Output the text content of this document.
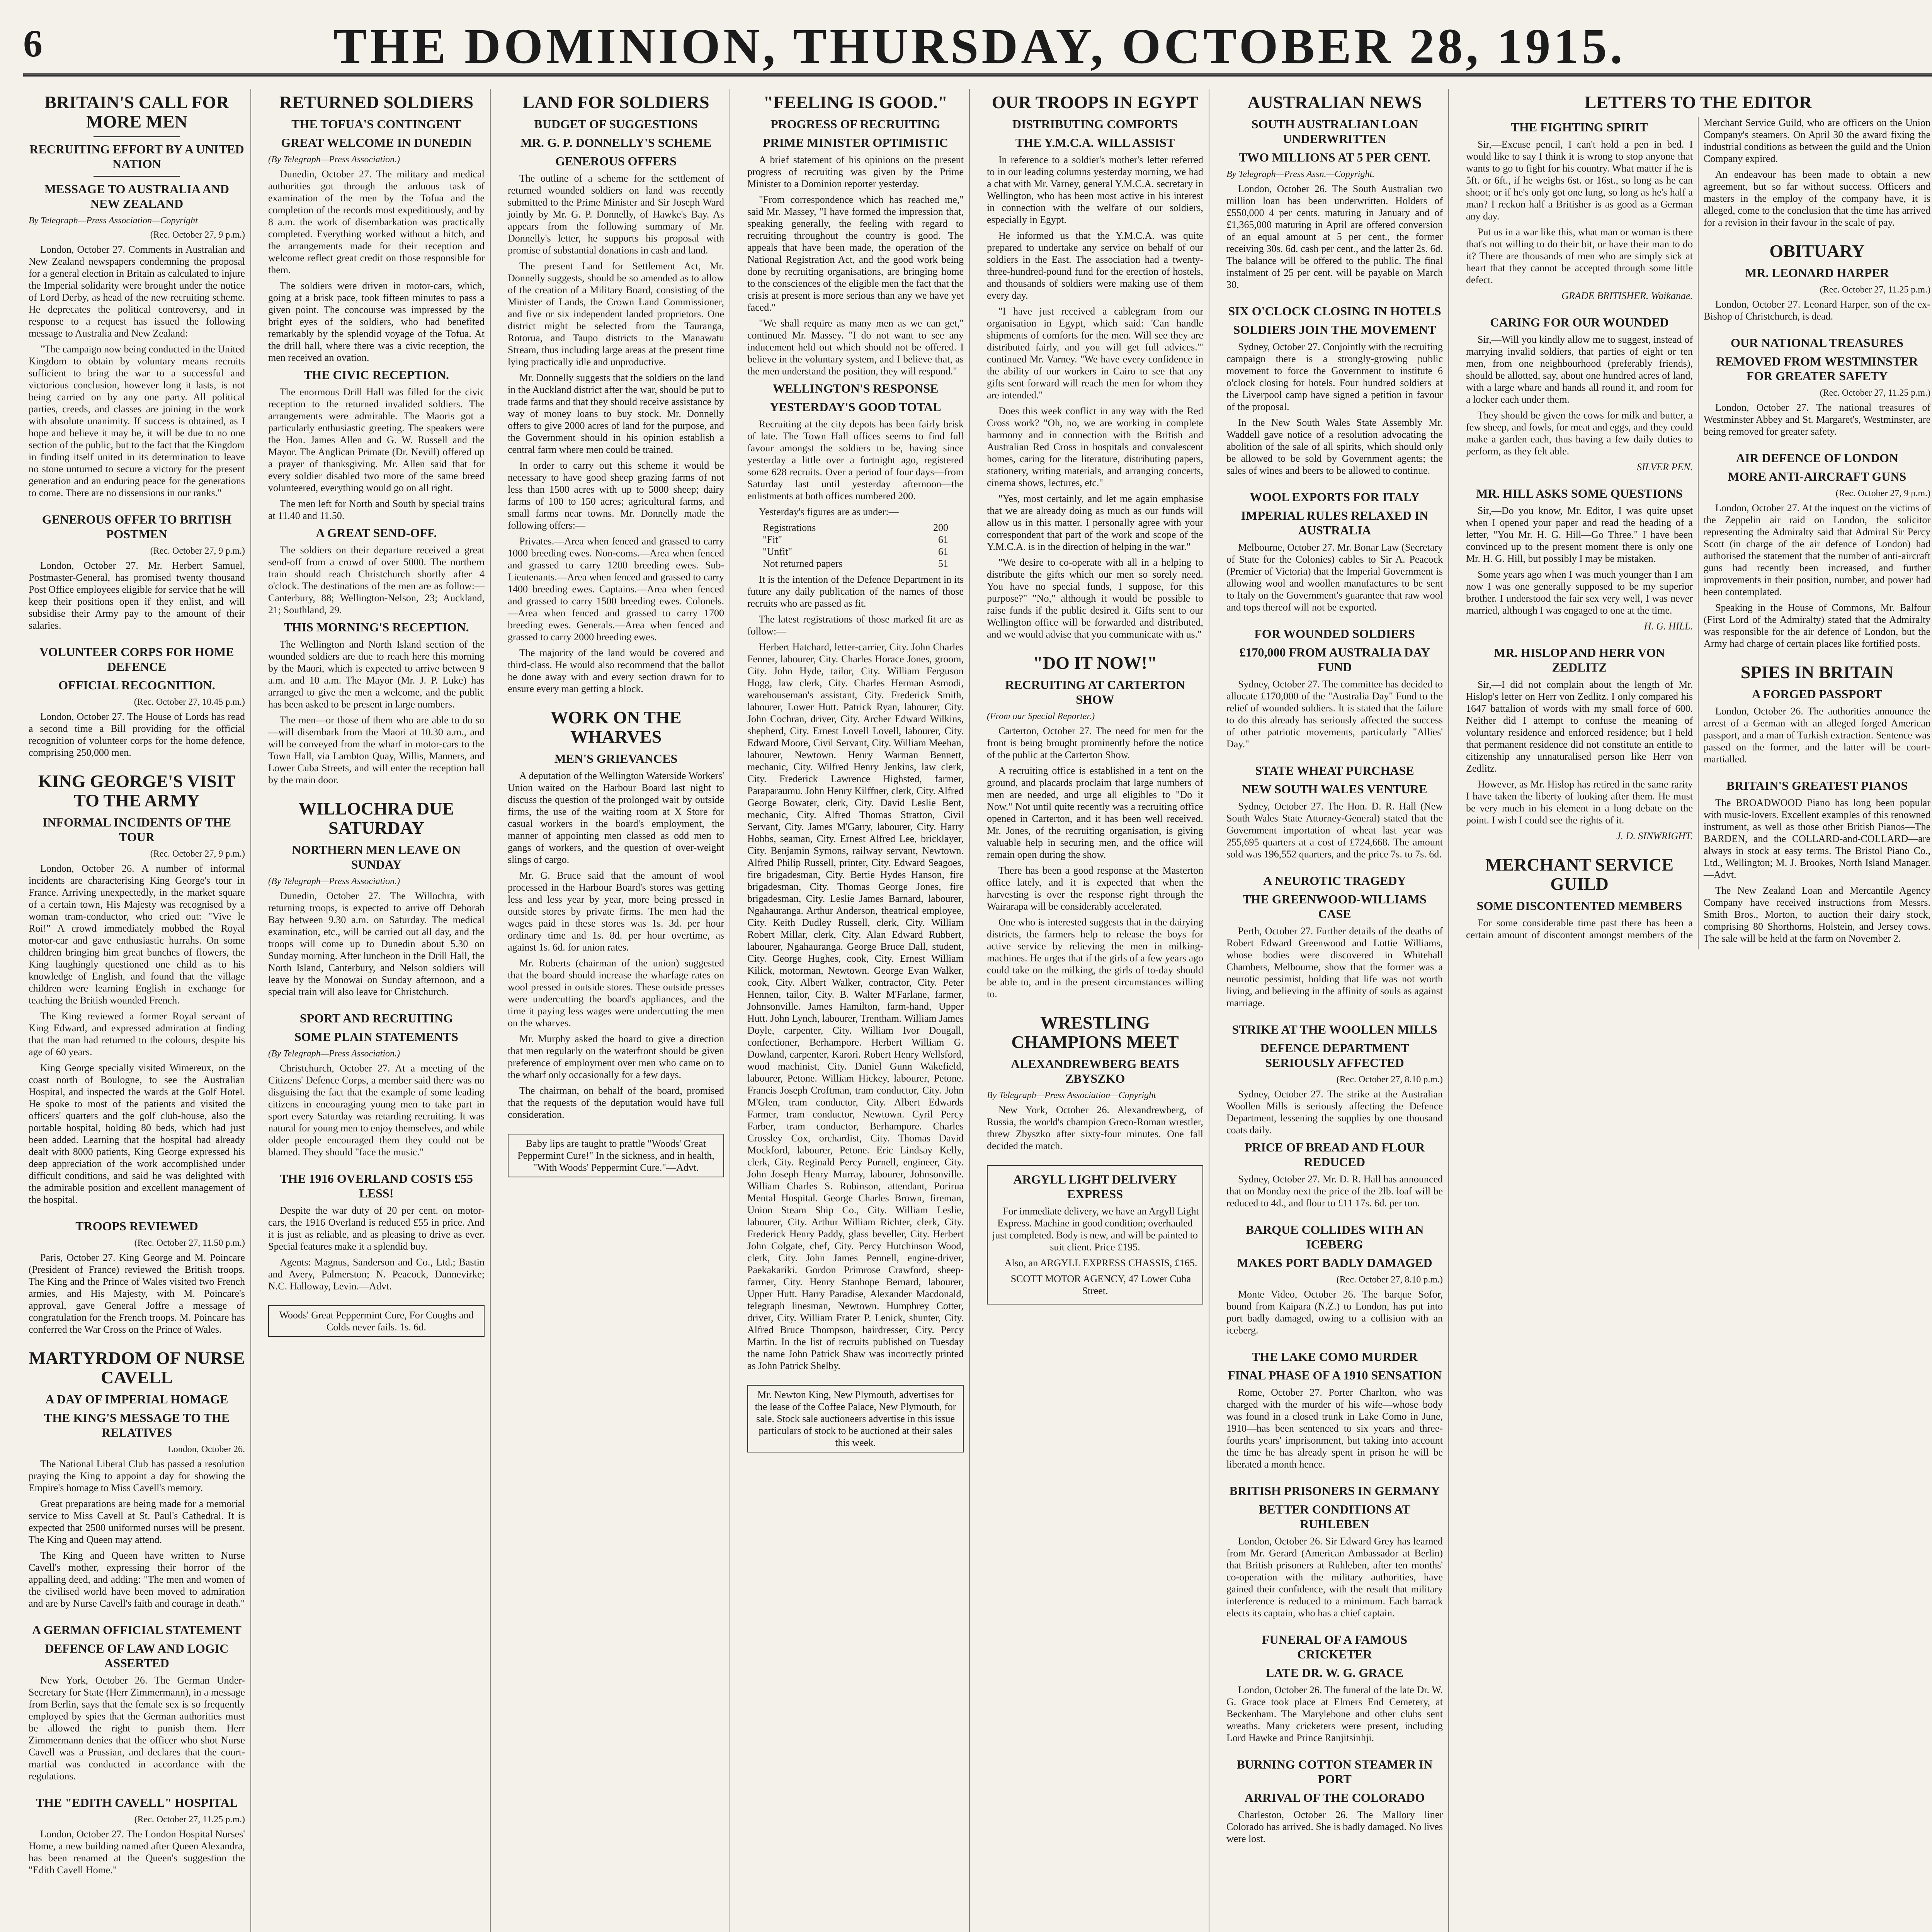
6	THE DOMINION, THURSDAY, OCTOBER 28, 1915.
BRITAIN'S CALL FOR MORE MEN
RECRUITING EFFORT BY A UNITED NATION
MESSAGE TO AUSTRALIA AND NEW ZEALAND
By Telegraph—Press Association—Copyright
(Rec. October 27, 9 p.m.)

London, October 27. Comments in Australian and New Zealand newspapers condemning the proposal for a general election in Britain as calculated to injure the Imperial solidarity were brought under the notice of Lord Derby, as head of the new recruiting scheme. He deprecates the political controversy, and in response to a request has issued the following message to Australia and New Zealand:

"The campaign now being conducted in the United Kingdom to obtain by voluntary means recruits sufficient to bring the war to a successful and victorious conclusion, however long it lasts, is not being carried on by any one party. All political parties, creeds, and classes are joining in the work with absolute unanimity. If success is obtained, as I hope and believe it may be, it will be due to no one section of the public, but to the fact that the Kingdom in finding itself united in its determination to leave no stone unturned to secure a victory for the present generation and an enduring peace for the generations to come. There are no dissensions in our ranks."

GENEROUS OFFER TO BRITISH POSTMEN
(Rec. October 27, 9 p.m.)

London, October 27. Mr. Herbert Samuel, Postmaster-General, has promised twenty thousand Post Office employees eligible for service that he will keep their positions open if they enlist, and will subsidise their Army pay to the amount of their salaries.

VOLUNTEER CORPS FOR HOME DEFENCE
OFFICIAL RECOGNITION.
(Rec. October 27, 10.45 p.m.)

London, October 27. The House of Lords has read a second time a Bill providing for the official recognition of volunteer corps for the home defence, comprising 250,000 men.

KING GEORGE'S VISIT TO THE ARMY
INFORMAL INCIDENTS OF THE TOUR
(Rec. October 27, 9 p.m.)

London, October 26. A number of informal incidents are characterising King George's tour in France. Arriving unexpectedly, in the market square of a certain town, His Majesty was recognised by a woman tram-conductor, who cried out: "Vive le Roi!" A crowd immediately mobbed the Royal motor-car and gave enthusiastic hurrahs. On some children bringing him great bunches of flowers, the King laughingly questioned one child as to his knowledge of English, and found that the village children were learning English in exchange for teaching the British wounded French.

The King reviewed a former Royal servant of King Edward, and expressed admiration at finding that the man had returned to the colours, despite his age of 60 years.

King George specially visited Wimereux, on the coast north of Boulogne, to see the Australian Hospital, and inspected the wards at the Golf Hotel. He spoke to most of the patients and visited the officers' quarters and the golf club-house, also the portable hospital, holding 80 beds, which had just been added. Learning that the hospital had already dealt with 8000 patients, King George expressed his deep appreciation of the work accomplished under difficult conditions, and said he was delighted with the admirable position and excellent management of the hospital.

TROOPS REVIEWED
(Rec. October 27, 11.50 p.m.)

Paris, October 27. King George and M. Poincare (President of France) reviewed the British troops. The King and the Prince of Wales visited two French armies, and His Majesty, with M. Poincare's approval, gave General Joffre a message of congratulation for the French troops. M. Poincare has conferred the War Cross on the Prince of Wales.

MARTYRDOM OF NURSE CAVELL
A DAY OF IMPERIAL HOMAGE
THE KING'S MESSAGE TO THE RELATIVES
London, October 26.

The National Liberal Club has passed a resolution praying the King to appoint a day for showing the Empire's homage to Miss Cavell's memory.

Great preparations are being made for a memorial service to Miss Cavell at St. Paul's Cathedral. It is expected that 2500 uniformed nurses will be present. The King and Queen may attend.

The King and Queen have written to Nurse Cavell's mother, expressing their horror of the appalling deed, and adding: "The men and women of the civilised world have been moved to admiration and are by Nurse Cavell's faith and courage in death."

A GERMAN OFFICIAL STATEMENT
DEFENCE OF LAW AND LOGIC ASSERTED

New York, October 26. The German Under-Secretary for State (Herr Zimmermann), in a message from Berlin, says that the female sex is so frequently employed by spies that the German authorities must be allowed the right to punish them. Herr Zimmermann denies that the officer who shot Nurse Cavell was a Prussian, and declares that the court-martial was conducted in accordance with the regulations.

THE "EDITH CAVELL" HOSPITAL
(Rec. October 27, 11.25 p.m.)

London, October 27. The London Hospital Nurses' Home, a new building named after Queen Alexandra, has been renamed at the Queen's suggestion the "Edith Cavell Home."

RETURNED SOLDIERS
THE TOFUA'S CONTINGENT
GREAT WELCOME IN DUNEDIN
(By Telegraph—Press Association.)

Dunedin, October 27. The military and medical authorities got through the arduous task of examination of the men by the Tofua and the completion of the records most expeditiously, and by 8 a.m. the work of disembarkation was practically completed. Everything worked without a hitch, and the arrangements made for their reception and welcome reflect great credit on those responsible for them.

The soldiers were driven in motor-cars, which, going at a brisk pace, took fifteen minutes to pass a given point. The concourse was impressed by the bright eyes of the soldiers, who had benefited remarkably by the splendid voyage of the Tofua. At the drill hall, where there was a civic reception, the men received an ovation.

THE CIVIC RECEPTION.

The enormous Drill Hall was filled for the civic reception to the returned invalided soldiers. The arrangements were admirable. The Maoris got a particularly enthusiastic greeting. The speakers were the Hon. James Allen and G. W. Russell and the Mayor. The Anglican Primate (Dr. Nevill) offered up a prayer of thanksgiving. Mr. Allen said that for every soldier disabled two more of the same breed volunteered, everything would go on all right.

The men left for North and South by special trains at 11.40 and 11.50.

A GREAT SEND-OFF.

The soldiers on their departure received a great send-off from a crowd of over 5000. The northern train should reach Christchurch shortly after 4 o'clock. The destinations of the men are as follow:—Canterbury, 88; Wellington-Nelson, 23; Auckland, 21; Southland, 29.

THIS MORNING'S RECEPTION.

The Wellington and North Island section of the wounded soldiers are due to reach here this morning by the Maori, which is expected to arrive between 9 a.m. and 10 a.m. The Mayor (Mr. J. P. Luke) has arranged to give the men a welcome, and the public has been asked to be present in large numbers.

The men—or those of them who are able to do so—will disembark from the Maori at 10.30 a.m., and will be conveyed from the wharf in motor-cars to the Town Hall, via Lambton Quay, Willis, Manners, and Lower Cuba Streets, and will enter the reception hall by the main door.

WILLOCHRA DUE SATURDAY
NORTHERN MEN LEAVE ON SUNDAY
(By Telegraph—Press Association.)

Dunedin, October 27. The Willochra, with returning troops, is expected to arrive off Deborah Bay between 9.30 a.m. on Saturday. The medical examination, etc., will be carried out all day, and the troops will come up to Dunedin about 5.30 on Sunday morning. After luncheon in the Drill Hall, the North Island, Canterbury, and Nelson soldiers will leave by the Monowai on Sunday afternoon, and a special train will also leave for Christchurch.

SPORT AND RECRUITING
SOME PLAIN STATEMENTS
(By Telegraph—Press Association.)

Christchurch, October 27. At a meeting of the Citizens' Defence Corps, a member said there was no disguising the fact that the example of some leading citizens in encouraging young men to take part in sport every Saturday was retarding recruiting. It was natural for young men to enjoy themselves, and while older people encouraged them they could not be blamed. They should "face the music."

THE 1916 OVERLAND COSTS £55 LESS!

Despite the war duty of 20 per cent. on motor-cars, the 1916 Overland is reduced £55 in price. And it is just as reliable, and as pleasing to drive as ever. Special features make it a splendid buy.

Agents: Magnus, Sanderson and Co., Ltd.; Bastin and Avery, Palmerston; N. Peacock, Dannevirke; N.C. Halloway, Levin.—Advt.

Woods' Great Peppermint Cure, For Coughs and Colds never fails. 1s. 6d.
LAND FOR SOLDIERS
BUDGET OF SUGGESTIONS
MR. G. P. DONNELLY'S SCHEME
GENEROUS OFFERS

The outline of a scheme for the settlement of returned wounded soldiers on land was recently submitted to the Prime Minister and Sir Joseph Ward jointly by Mr. G. P. Donnelly, of Hawke's Bay. As appears from the following summary of Mr. Donnelly's letter, he supports his proposal with promise of substantial donations in cash and land.

The present Land for Settlement Act, Mr. Donnelly suggests, should be so amended as to allow of the creation of a Military Board, consisting of the Minister of Lands, the Crown Land Commissioner, and five or six independent landed proprietors. One district might be selected from the Tauranga, Rotorua, and Taupo districts to the Manawatu Stream, thus including large areas at the present time lying practically idle and unproductive.

Mr. Donnelly suggests that the soldiers on the land in the Auckland district after the war, should be put to trade farms and that they should receive assistance by way of money loans to buy stock. Mr. Donnelly offers to give 2000 acres of land for the purpose, and the Government should in his opinion establish a central farm where men could be trained.

In order to carry out this scheme it would be necessary to have good sheep grazing farms of not less than 1500 acres with up to 5000 sheep; dairy farms of 100 to 150 acres; agricultural farms, and small farms near towns. Mr. Donnelly made the following offers:—

Privates.—Area when fenced and grassed to carry 1000 breeding ewes. Non-coms.—Area when fenced and grassed to carry 1200 breeding ewes. Sub-Lieutenants.—Area when fenced and grassed to carry 1400 breeding ewes. Captains.—Area when fenced and grassed to carry 1500 breeding ewes. Colonels.—Area when fenced and grassed to carry 1700 breeding ewes. Generals.—Area when fenced and grassed to carry 2000 breeding ewes.

The majority of the land would be covered and third-class. He would also recommend that the ballot be done away with and every section drawn for to ensure every man getting a block.

WORK ON THE WHARVES
MEN'S GRIEVANCES

A deputation of the Wellington Waterside Workers' Union waited on the Harbour Board last night to discuss the question of the prolonged wait by outside firms, the use of the waiting room at X Store for casual workers in the board's employment, the manner of appointing men classed as odd men to gangs of workers, and the question of over-weight slings of cargo.

Mr. G. Bruce said that the amount of wool processed in the Harbour Board's stores was getting less and less year by year, more being pressed in outside stores by private firms. The men had the wages paid in these stores was 1s. 3d. per hour ordinary time and 1s. 8d. per hour overtime, as against 1s. 6d. for union rates.

Mr. Roberts (chairman of the union) suggested that the board should increase the wharfage rates on wool pressed in outside stores. These outside presses were undercutting the board's appliances, and the time it paying less wages were undercutting the men on the wharves.

Mr. Murphy asked the board to give a direction that men regularly on the waterfront should be given preference of employment over men who came on to the wharf only occasionally for a few days.

The chairman, on behalf of the board, promised that the requests of the deputation would have full consideration.

Baby lips are taught to prattle "Woods' Great Peppermint Cure!" In the sickness, and in health, "With Woods' Peppermint Cure."—Advt.
"FEELING IS GOOD."
PROGRESS OF RECRUITING
PRIME MINISTER OPTIMISTIC

A brief statement of his opinions on the present progress of recruiting was given by the Prime Minister to a Dominion reporter yesterday.

"From correspondence which has reached me," said Mr. Massey, "I have formed the impression that, speaking generally, the feeling with regard to recruiting throughout the country is good. The appeals that have been made, the operation of the National Registration Act, and the good work being done by recruiting organisations, are bringing home to the consciences of the eligible men the fact that the crisis at present is more serious than any we have yet faced."

"We shall require as many men as we can get," continued Mr. Massey. "I do not want to see any inducement held out which should not be offered. I believe in the voluntary system, and I believe that, as the men understand the position, they will respond."

WELLINGTON'S RESPONSE
YESTERDAY'S GOOD TOTAL

Recruiting at the city depots has been fairly brisk of late. The Town Hall offices seems to find full favour amongst the soldiers to be, having since yesterday a little over a fortnight ago, registered some 628 recruits. Over a period of four days—from Saturday last until yesterday afternoon—the enlistments at both offices numbered 200.

Yesterday's figures are as under:—

Registrations	200
"Fit"	61
"Unfit"	61
Not returned papers	51

It is the intention of the Defence Department in its future any daily publication of the names of those recruits who are passed as fit.

The latest registrations of those marked fit are as follow:—

Herbert Hatchard, letter-carrier, City. John Charles Fenner, labourer, City. Charles Horace Jones, groom, City. John Hyde, tailor, City. William Ferguson Hogg, law clerk, City. Charles Herman Asmodi, warehouseman's assistant, City. Frederick Smith, labourer, Lower Hutt. Patrick Ryan, labourer, City. John Cochran, driver, City. Archer Edward Wilkins, shepherd, City. Ernest Lovell Lovell, labourer, City. Edward Moore, Civil Servant, City. William Meehan, labourer, Newtown. Henry Warman Bennett, mechanic, City. Wilfred Henry Jenkins, law clerk, City. Frederick Lawrence Highsted, farmer, Paraparaumu. John Henry Kilffner, clerk, City. Alfred George Bowater, clerk, City. David Leslie Bent, mechanic, City. Alfred Thomas Stratton, Civil Servant, City. James M'Garry, labourer, City. Harry Hobbs, seaman, City. Ernest Alfred Lee, bricklayer, City. Benjamin Symons, railway servant, Newtown. Alfred Philip Russell, printer, City. Edward Seagoes, fire brigadesman, City. Bertie Hydes Hanson, fire brigadesman, City. Thomas George Jones, fire brigadesman, City. Leslie James Barnard, labourer, Ngahauranga. Arthur Anderson, theatrical employee, City. Keith Dudley Russell, clerk, City. William Robert Millar, clerk, City. Alan Edward Rubbert, labourer, Ngahauranga. George Bruce Dall, student, City. George Hughes, cook, City. Ernest William Kilick, motorman, Newtown. George Evan Walker, cook, City. Albert Walker, contractor, City. Peter Hennen, tailor, City. B. Walter M'Farlane, farmer, Johnsonville. James Hamilton, farm-hand, Upper Hutt. John Lynch, labourer, Trentham. William James Doyle, carpenter, City. William Ivor Dougall, confectioner, Berhampore. Herbert William G. Dowland, carpenter, Karori. Robert Henry Wellsford, wood machinist, City. Daniel Gunn Wakefield, labourer, Petone. William Hickey, labourer, Petone. Francis Joseph Croftman, tram conductor, City. John M'Glen, tram conductor, City. Albert Edwards Farmer, tram conductor, Newtown. Cyril Percy Farber, tram conductor, Berhampore. Charles Crossley Cox, orchardist, City. Thomas David Mockford, labourer, Petone. Eric Lindsay Kelly, clerk, City. Reginald Percy Purnell, engineer, City. John Joseph Henry Murray, labourer, Johnsonville. William Charles S. Robinson, attendant, Porirua Mental Hospital. George Charles Brown, fireman, Union Steam Ship Co., City. William Leslie, labourer, City. Arthur William Richter, clerk, City. Frederick Henry Paddy, glass beveller, City. Herbert John Colgate, chef, City. Percy Hutchinson Wood, clerk, City. John James Pennell, engine-driver, Paekakariki. Gordon Primrose Crawford, sheep-farmer, City. Henry Stanhope Bernard, labourer, Upper Hutt. Harry Paradise, Alexander Macdonald, telegraph linesman, Newtown. Humphrey Cotter, driver, City. William Frater P. Lenick, shunter, City. Alfred Bruce Thompson, hairdresser, City. Percy Martin. In the list of recruits published on Tuesday the name John Patrick Shaw was incorrectly printed as John Patrick Shelby.

Mr. Newton King, New Plymouth, advertises for the lease of the Coffee Palace, New Plymouth, for sale. Stock sale auctioneers advertise in this issue particulars of stock to be auctioned at their sales this week.
OUR TROOPS IN EGYPT
DISTRIBUTING COMFORTS
THE Y.M.C.A. WILL ASSIST

In reference to a soldier's mother's letter referred to in our leading columns yesterday morning, we had a chat with Mr. Varney, general Y.M.C.A. secretary in Wellington, who has been most active in his interest in connection with the welfare of our soldiers, especially in Egypt.

He informed us that the Y.M.C.A. was quite prepared to undertake any service on behalf of our soldiers in the East. The association had a twenty-three-hundred-pound fund for the erection of hostels, and thousands of soldiers were making use of them every day.

"I have just received a cablegram from our organisation in Egypt, which said: 'Can handle shipments of comforts for the men. Will see they are distributed fairly, and you will get full advices.'" continued Mr. Varney. "We have every confidence in the ability of our workers in Cairo to see that any gifts sent forward will reach the men for whom they are intended."

Does this week conflict in any way with the Red Cross work? "Oh, no, we are working in complete harmony and in connection with the British and Australian Red Cross in hospitals and convalescent homes, caring for the literature, distributing papers, stationery, writing materials, and arranging concerts, cinema shows, lectures, etc."

"Yes, most certainly, and let me again emphasise that we are already doing as much as our funds will allow us in this matter. I personally agree with your correspondent that part of the work and scope of the Y.M.C.A. is in the direction of helping in the war."

"We desire to co-operate with all in a helping to distribute the gifts which our men so sorely need. You have no special funds, I suppose, for this purpose?" "No," although it would be possible to raise funds if the public desired it. Gifts sent to our Wellington office will be forwarded and distributed, and we would advise that you communicate with us."

"DO IT NOW!"
RECRUITING AT CARTERTON SHOW
(From our Special Reporter.)

Carterton, October 27. The need for men for the front is being brought prominently before the notice of the public at the Carterton Show.

A recruiting office is established in a tent on the ground, and placards proclaim that large numbers of men are needed, and urge all eligibles to "Do it Now." Not until quite recently was a recruiting office opened in Carterton, and it has been well received. Mr. Jones, of the recruiting organisation, is giving valuable help in securing men, and the office will remain open during the show.

There has been a good response at the Masterton office lately, and it is expected that when the harvesting is over the response right through the Wairarapa will be considerably accelerated.

One who is interested suggests that in the dairying districts, the farmers help to release the boys for active service by relieving the men in milking-machines. He urges that if the girls of a few years ago could take on the milking, the girls of to-day should be able to, and in the present circumstances willing to.

WRESTLING CHAMPIONS MEET
ALEXANDREWBERG BEATS ZBYSZKO
By Telegraph—Press Association—Copyright

New York, October 26. Alexandrewberg, of Russia, the world's champion Greco-Roman wrestler, threw Zbyszko after sixty-four minutes. One fall decided the match.

ARGYLL LIGHT DELIVERY EXPRESS

For immediate delivery, we have an Argyll Light Express. Machine in good condition; overhauled just completed. Body is new, and will be painted to suit client. Price £195.

Also, an ARGYLL EXPRESS CHASSIS, £165.

SCOTT MOTOR AGENCY, 47 Lower Cuba Street.

AUSTRALIAN NEWS
SOUTH AUSTRALIAN LOAN UNDERWRITTEN
TWO MILLIONS AT 5 PER CENT.
By Telegraph—Press Assn.—Copyright.

London, October 26. The South Australian two million loan has been underwritten. Holders of £550,000 4 per cents. maturing in January and of £1,365,000 maturing in April are offered conversion of an equal amount at 5 per cent., the former receiving 30s. 6d. cash per cent., and the latter 2s. 6d. The balance will be offered to the public. The final instalment of 25 per cent. will be payable on March 30.

SIX O'CLOCK CLOSING IN HOTELS
SOLDIERS JOIN THE MOVEMENT

Sydney, October 27. Conjointly with the recruiting campaign there is a strongly-growing public movement to force the Government to institute 6 o'clock closing for hotels. Four hundred soldiers at the Liverpool camp have signed a petition in favour of the proposal.

In the New South Wales State Assembly Mr. Waddell gave notice of a resolution advocating the abolition of the sale of all spirits, which should only be allowed to be sold by Government agents; the sales of wines and beers to be allowed to continue.

WOOL EXPORTS FOR ITALY
IMPERIAL RULES RELAXED IN AUSTRALIA

Melbourne, October 27. Mr. Bonar Law (Secretary of State for the Colonies) cables to Sir A. Peacock (Premier of Victoria) that the Imperial Government is allowing wool and woollen manufactures to be sent to Italy on the Government's guarantee that raw wool and tops thereof will not be exported.

FOR WOUNDED SOLDIERS
£170,000 FROM AUSTRALIA DAY FUND

Sydney, October 27. The committee has decided to allocate £170,000 of the "Australia Day" Fund to the relief of wounded soldiers. It is stated that the failure to do this already has seriously affected the success of other patriotic movements, particularly "Allies' Day."

STATE WHEAT PURCHASE
NEW SOUTH WALES VENTURE

Sydney, October 27. The Hon. D. R. Hall (New South Wales State Attorney-General) stated that the Government importation of wheat last year was 255,695 quarters at a cost of £724,668. The amount sold was 196,552 quarters, and the price 7s. to 7s. 6d.

A NEUROTIC TRAGEDY
THE GREENWOOD-WILLIAMS CASE

Perth, October 27. Further details of the deaths of Robert Edward Greenwood and Lottie Williams, whose bodies were discovered in Whitehall Chambers, Melbourne, show that the former was a neurotic pessimist, holding that life was not worth living, and believing in the affinity of souls as against marriage.

STRIKE AT THE WOOLLEN MILLS
DEFENCE DEPARTMENT SERIOUSLY AFFECTED
(Rec. October 27, 8.10 p.m.)

Sydney, October 27. The strike at the Australian Woollen Mills is seriously affecting the Defence Department, lessening the supplies by one thousand coats daily.

PRICE OF BREAD AND FLOUR REDUCED

Sydney, October 27. Mr. D. R. Hall has announced that on Monday next the price of the 2lb. loaf will be reduced to 4d., and flour to £11 17s. 6d. per ton.

BARQUE COLLIDES WITH AN ICEBERG
MAKES PORT BADLY DAMAGED
(Rec. October 27, 8.10 p.m.)

Monte Video, October 26. The barque Sofor, bound from Kaipara (N.Z.) to London, has put into port badly damaged, owing to a collision with an iceberg.

THE LAKE COMO MURDER
FINAL PHASE OF A 1910 SENSATION

Rome, October 27. Porter Charlton, who was charged with the murder of his wife—whose body was found in a closed trunk in Lake Como in June, 1910—has been sentenced to six years and three-fourths years' imprisonment, but taking into account the time he has already spent in prison he will be liberated a month hence.

BRITISH PRISONERS IN GERMANY
BETTER CONDITIONS AT RUHLEBEN

London, October 26. Sir Edward Grey has learned from Mr. Gerard (American Ambassador at Berlin) that British prisoners at Ruhleben, after ten months' co-operation with the military authorities, have gained their confidence, with the result that military interference is reduced to a minimum. Each barrack elects its captain, who has a chief captain.

FUNERAL OF A FAMOUS CRICKETER
LATE DR. W. G. GRACE

London, October 26. The funeral of the late Dr. W. G. Grace took place at Elmers End Cemetery, at Beckenham. The Marylebone and other clubs sent wreaths. Many cricketers were present, including Lord Hawke and Prince Ranjitsinhji.

BURNING COTTON STEAMER IN PORT
ARRIVAL OF THE COLORADO

Charleston, October 26. The Mallory liner Colorado has arrived. She is badly damaged. No lives were lost.

LETTERS TO THE EDITOR
THE FIGHTING SPIRIT

Sir,—Excuse pencil, I can't hold a pen in bed. I would like to say I think it is wrong to stop anyone that wants to go to fight for his country. What matter if he is 5ft. or 6ft., if he weighs 6st. or 16st., so long as he can shoot; or if he's only got one lung, so long as he's half a man? I reckon half a Britisher is as good as a German any day.

Put us in a war like this, what man or woman is there that's not willing to do their bit, or have their man to do it? There are thousands of men who are simply sick at heart that they cannot be accepted through some little defect.

GRADE BRITISHER. Waikanae.
CARING FOR OUR WOUNDED

Sir,—Will you kindly allow me to suggest, instead of marrying invalid soldiers, that parties of eight or ten men, from one neighbourhood (preferably friends), should be allotted, say, about one hundred acres of land, with a large whare and hands all round it, and room for a locker each under them.

They should be given the cows for milk and butter, a few sheep, and fowls, for meat and eggs, and they could make a garden each, thus having a few daily duties to perform, as they felt able.

SILVER PEN.
MR. HILL ASKS SOME QUESTIONS

Sir,—Do you know, Mr. Editor, I was quite upset when I opened your paper and read the heading of a letter, "You Mr. H. G. Hill—Go Three." I have been convinced up to the present moment there is only one Mr. H. G. Hill, but possibly I may be mistaken.

Some years ago when I was much younger than I am now I was one generally supposed to be my superior brother. I understood the fair sex very well, I was never married, although I was engaged to one at the time.

H. G. HILL.
MR. HISLOP AND HERR VON ZEDLITZ

Sir,—I did not complain about the length of Mr. Hislop's letter on Herr von Zedlitz. I only compared his 1647 battalion of words with my small force of 600. Neither did I attempt to confuse the meaning of voluntary residence and enforced residence; but I held that permanent residence did not constitute an entitle to citizenship any unnaturalised person like Herr von Zedlitz.

However, as Mr. Hislop has retired in the same rarity I have taken the liberty of looking after them. He must be very much in his element in a long debate on the point. I wish I could see the rights of it.

J. D. SINWRIGHT.
MERCHANT SERVICE GUILD
SOME DISCONTENTED MEMBERS

For some considerable time past there has been a certain amount of discontent amongst members of the Merchant Service Guild, who are officers on the Union Company's steamers. On April 30 the award fixing the industrial conditions as between the guild and the Union Company expired.

An endeavour has been made to obtain a new agreement, but so far without success. Officers and masters in the employ of the company have, it is alleged, come to the conclusion that the time has arrived for a revision in their favour in the scale of pay.

OBITUARY
MR. LEONARD HARPER
(Rec. October 27, 11.25 p.m.)

London, October 27. Leonard Harper, son of the ex-Bishop of Christchurch, is dead.

OUR NATIONAL TREASURES
REMOVED FROM WESTMINSTER FOR GREATER SAFETY
(Rec. October 27, 11.25 p.m.)

London, October 27. The national treasures of Westminster Abbey and St. Margaret's, Westminster, are being removed for greater safety.

AIR DEFENCE OF LONDON
MORE ANTI-AIRCRAFT GUNS
(Rec. October 27, 9 p.m.)

London, October 27. At the inquest on the victims of the Zeppelin air raid on London, the solicitor representing the Admiralty said that Admiral Sir Percy Scott (in charge of the air defence of London) had authorised the statement that the number of anti-aircraft guns had recently been increased, and further improvements in their position, number, and power had been contemplated.

Speaking in the House of Commons, Mr. Balfour (First Lord of the Admiralty) stated that the Admiralty was responsible for the air defence of London, but the Army had charge of certain places like fortified posts.

SPIES IN BRITAIN
A FORGED PASSPORT

London, October 26. The authorities announce the arrest of a German with an alleged forged American passport, and a man of Turkish extraction. Sentence was passed on the former, and the latter will be court-martialled.

BRITAIN'S GREATEST PIANOS

The BROADWOOD Piano has long been popular with music-lovers. Excellent examples of this renowned instrument, as well as those other British Pianos—The BARDEN, and the COLLARD-and-COLLARD—are always in stock at easy terms. The Bristol Piano Co., Ltd., Wellington; M. J. Brookes, North Island Manager.—Advt.

The New Zealand Loan and Mercantile Agency Company have received instructions from Messrs. Smith Bros., Morton, to auction their dairy stock, comprising 80 Shorthorns, Holstein, and Jersey cows. The sale will be held at the farm on November 2.
